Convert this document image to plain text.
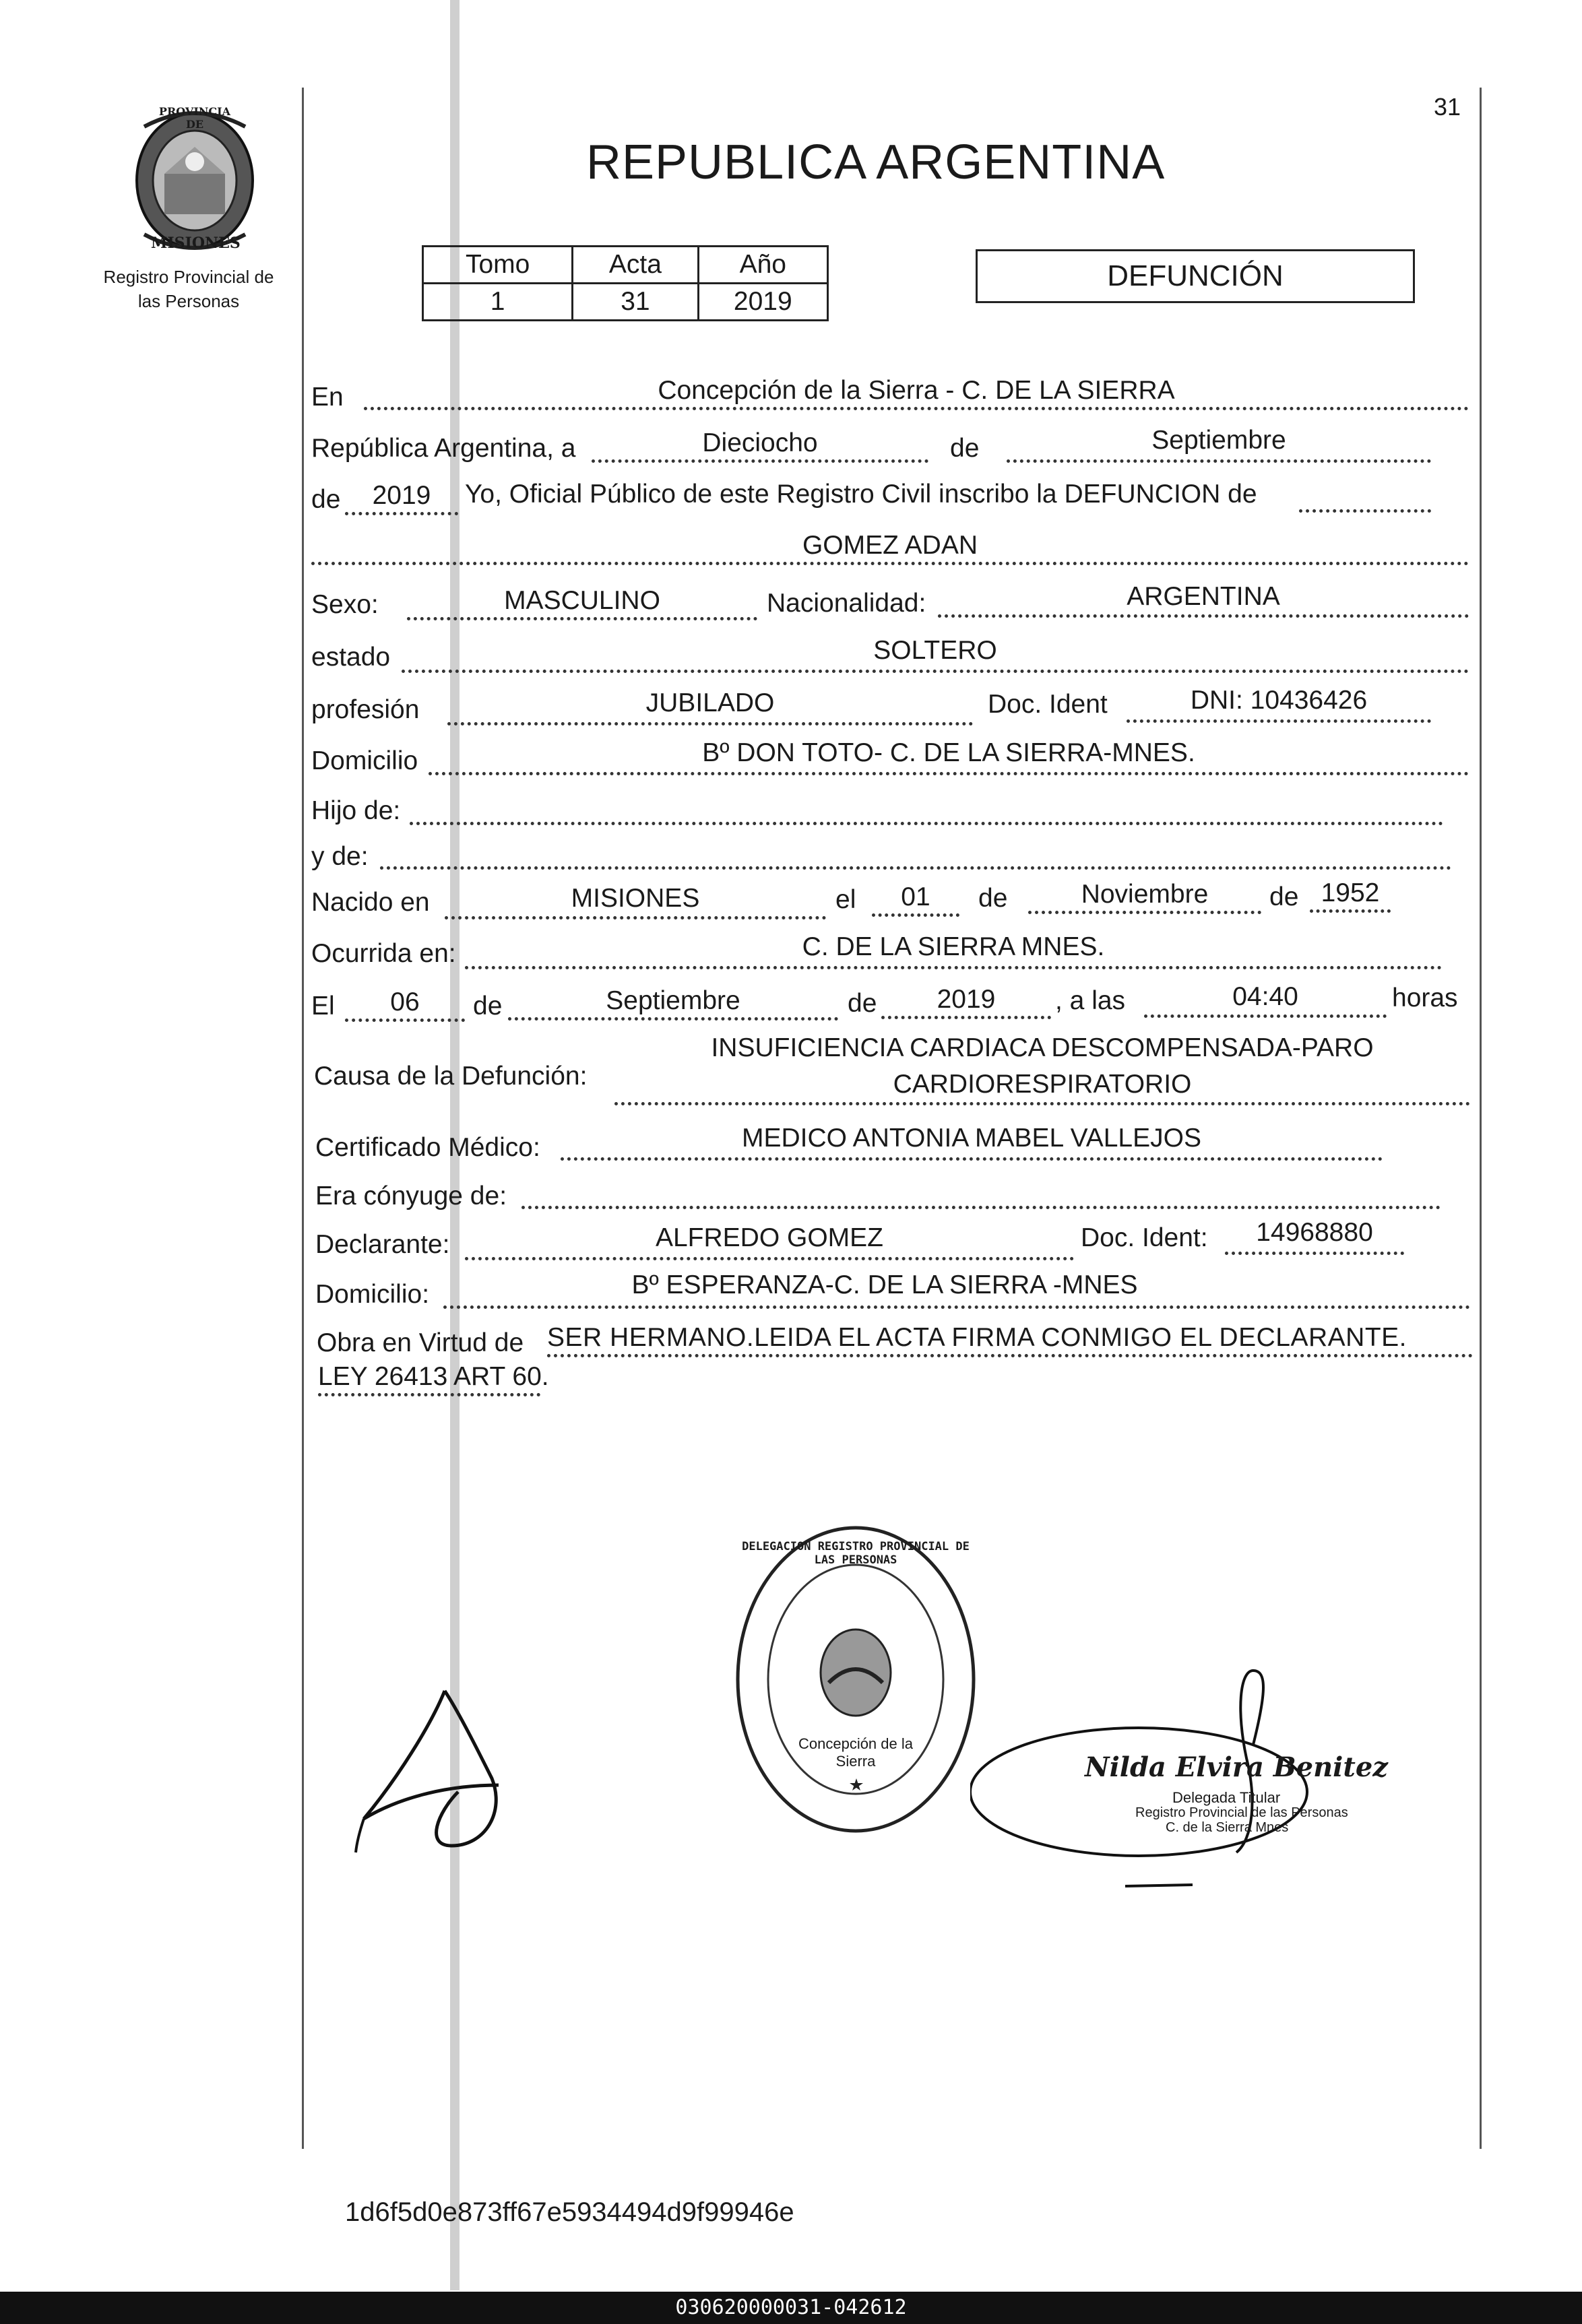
31
PROVINCIA DE
MISIONES
Registro Provincial de
las Personas
REPUBLICA ARGENTINA
Tomo	Acta	Año
1	31	2019
DEFUNCIÓN
En	Concepción de la Sierra - C. DE LA SIERRA
República Argentina, a	Dieciocho	de	Septiembre
de	2019	Yo, Oficial Público de este Registro Civil inscribo la DEFUNCION de
GOMEZ ADAN
Sexo:	MASCULINO	Nacionalidad:	ARGENTINA
estado	SOLTERO
profesión	JUBILADO	Doc. Ident	DNI: 10436426
Domicilio	Bº DON TOTO- C. DE LA SIERRA-MNES.
Hijo de:
y de:
Nacido en	MISIONES	el	01	de	Noviembre	de 1952
Ocurrida en:	C. DE LA SIERRA MNES.
El	06	de	Septiembre	de	2019	, a las	04:40	horas
Causa de la Defunción:
INSUFICIENCIA CARDIACA DESCOMPENSADA-PARO
CARDIORESPIRATORIO
Certificado Médico:	MEDICO ANTONIA MABEL VALLEJOS
Era cónyuge de:
Declarante:	ALFREDO GOMEZ	Doc. Ident:	14968880
Domicilio:	Bº ESPERANZA-C. DE LA SIERRA -MNES
Obra en Virtud de SER HERMANO.LEIDA EL ACTA FIRMA CONMIGO EL DECLARANTE.
LEY 26413 ART 60.
DELEGACION REGISTRO PROVINCIAL DE LAS PERSONAS
Concepción de la Sierra	Nilda Elvira Benitez
Delegada Titular
Registro Provincial de las Personas
C. de la Sierra Mnes
1d6f5d0e873ff67e5934494d9f99946e
030620000031-042612
